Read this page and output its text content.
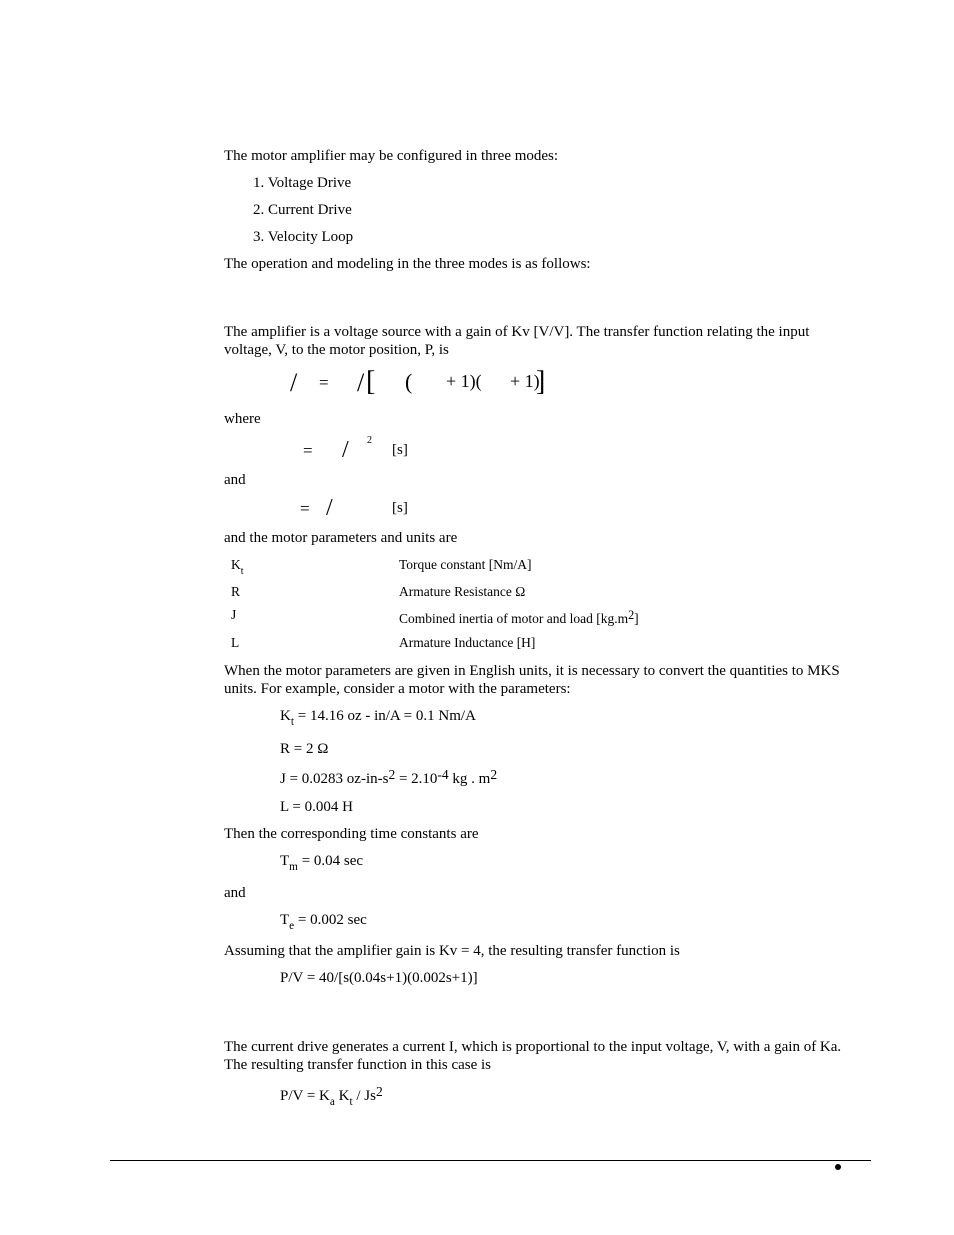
The motor amplifier may be configured in three modes:
1. Voltage Drive
2. Current Drive
3. Velocity Loop
The operation and modeling in the three modes is as follows:
The amplifier is a voltage source with a gain of Kv [V/V]. The transfer function relating the input
voltage, V, to the motor position, P, is
/ = / [ ( + 1)( + 1)
]
where
= / 2
[s]
and
= /	[s]
and the motor parameters and units are
$K_t$	Torque constant [Nm/A]
R	Armature Resistance Ω
J	Combined inertia of motor and load [kg.m2]
L	Armature Inductance [H]
When the motor parameters are given in English units, it is necessary to convert the quantities to MKS
units. For example, consider a motor with the parameters:
$K_t = 14.16$ oz - in/A = 0.1 Nm/A
R = 2 Ω
J = 0.0283 oz-in-s2 = 2.10-4 kg . m2
L = 0.004 H
Then the corresponding time constants are
$T_m = 0.04$ sec
and
$T_e = 0.002$ sec
Assuming that the amplifier gain is Kv = 4, the resulting transfer function is
P/V = 40/[s(0.04s+1)(0.002s+1)]
The current drive generates a current I, which is proportional to the input voltage, V, with a gain of Ka.
The resulting transfer function in this case is
$P/V = K_a$ $K_t / Js2$
